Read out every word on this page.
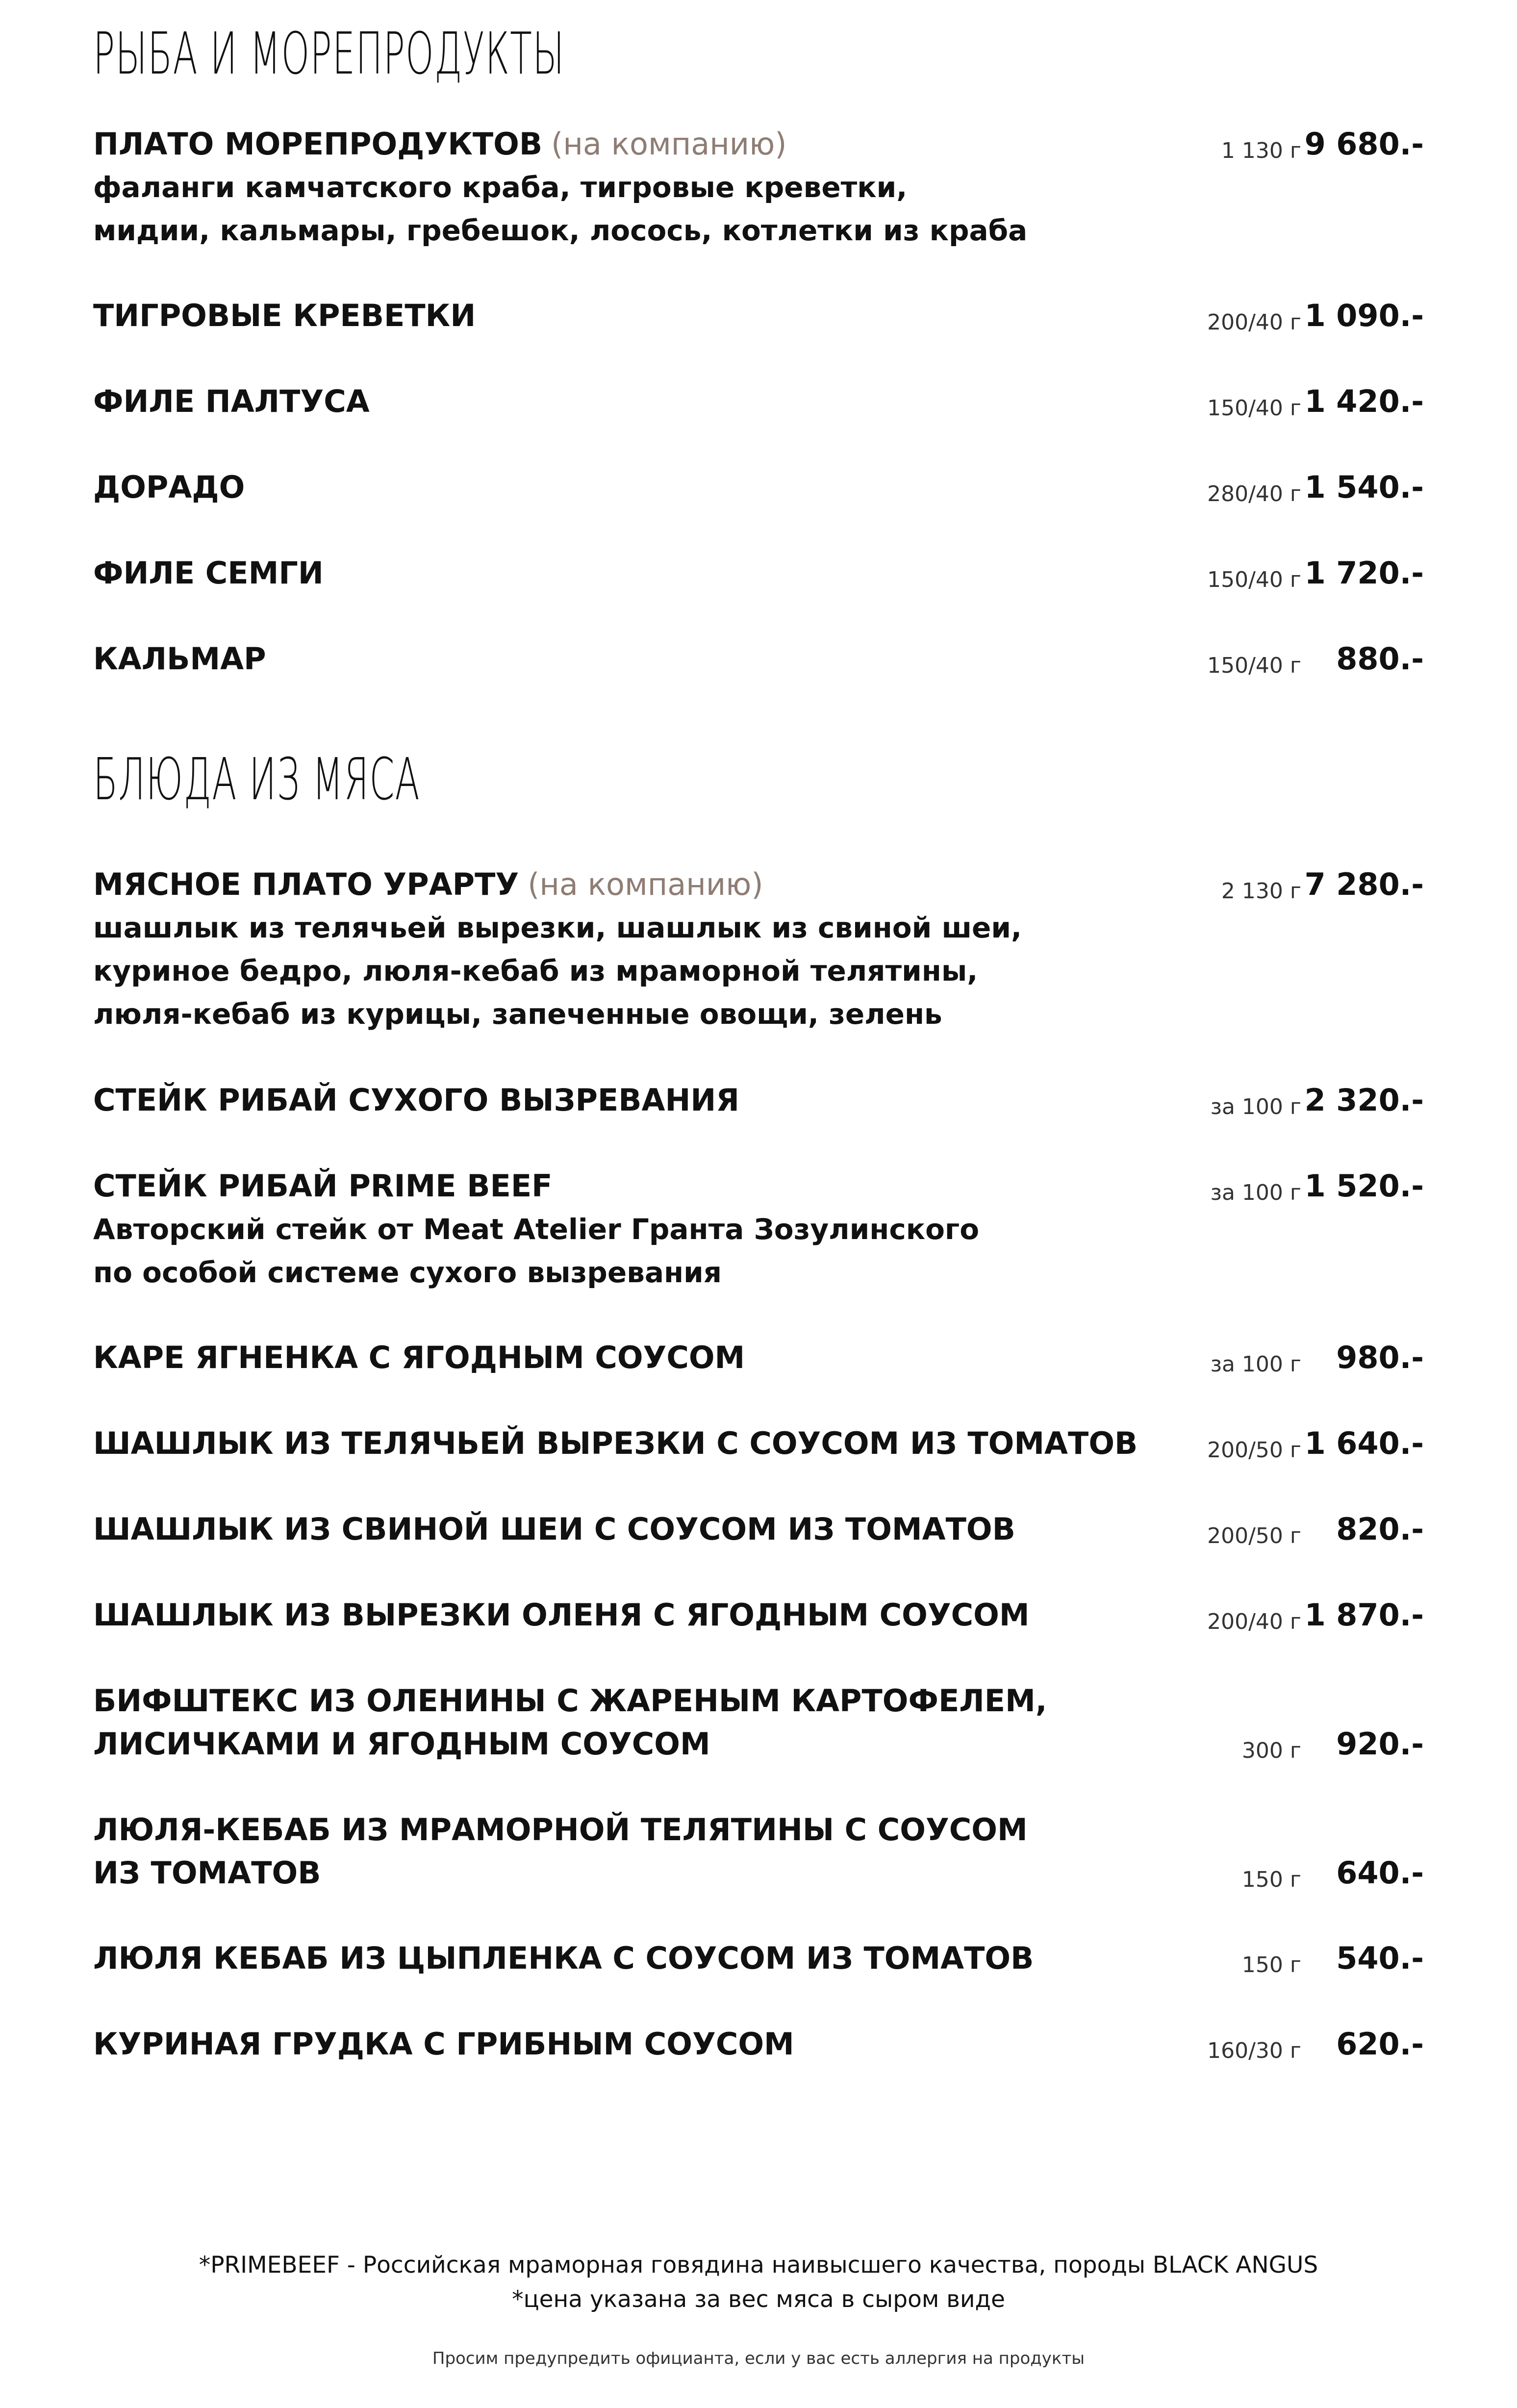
РЫБА И МОРЕПРОДУКТЫ
ПЛАТО МОРЕПРОДУКТОВ (на компанию)	1 130 г 9 680.-
фаланги камчатского краба, тигровые креветки,
мидии, кальмары, гребешок, лосось, котлетки из краба
ТИГРОВЫЕ КРЕВЕТКИ	200/40 г 1 090.-
ФИЛЕ ПАЛТУСА	150/40 г 1 420.-
ДОРАДО	280/40 г 1 540.-
ФИЛЕ СЕМГИ	150/40 г 1 720.-
КАЛЬМАР	150/40 г 880.-
БЛЮДА ИЗ МЯСА
МЯСНОЕ ПЛАТО УРАРТУ (на компанию)	2 130 г 7 280.-
шашлык из телячьей вырезки, шашлык из свиной шеи,
куриное бедро, люля-кебаб из мраморной телятины,
люля-кебаб из курицы, запеченные овощи, зелень
СТЕЙК РИБАЙ СУХОГО ВЫЗРЕВАНИЯ	за 100 г 2 320.-
СТЕЙК РИБАЙ PRIME BEEF	за 100 г 1 520.-
Авторский стейк от Meat Atelier Гранта Зозулинского
по особой системе сухого вызревания
КАРЕ ЯГНЕНКА С ЯГОДНЫМ СОУСОМ	за 100 г 980.-
ШАШЛЫК ИЗ ТЕЛЯЧЬЕЙ ВЫРЕЗКИ С СОУСОМ ИЗ ТОМАТОВ	200/50 г 1 640.-
ШАШЛЫК ИЗ СВИНОЙ ШЕИ С СОУСОМ ИЗ ТОМАТОВ	200/50 г 820.-
ШАШЛЫК ИЗ ВЫРЕЗКИ ОЛЕНЯ С ЯГОДНЫМ СОУСОМ	200/40 г 1 870.-
БИФШТЕКС ИЗ ОЛЕНИНЫ С ЖАРЕНЫМ КАРТОФЕЛЕМ,
ЛИСИЧКАМИ И ЯГОДНЫМ СОУСОМ	300 г 920.-
ЛЮЛЯ-КЕБАБ ИЗ МРАМОРНОЙ ТЕЛЯТИНЫ С СОУСОМ
ИЗ ТОМАТОВ	150 г 640.-
ЛЮЛЯ КЕБАБ ИЗ ЦЫПЛЕНКА С СОУСОМ ИЗ ТОМАТОВ	150 г 540.-
КУРИНАЯ ГРУДКА С ГРИБНЫМ СОУСОМ	160/30 г 620.-
*PRIMEBEEF - Российская мраморная говядина наивысшего качества, породы BLACK ANGUS
*цена указана за вес мяса в сыром виде
Просим предупредить официанта, если у вас есть аллергия на продукты
